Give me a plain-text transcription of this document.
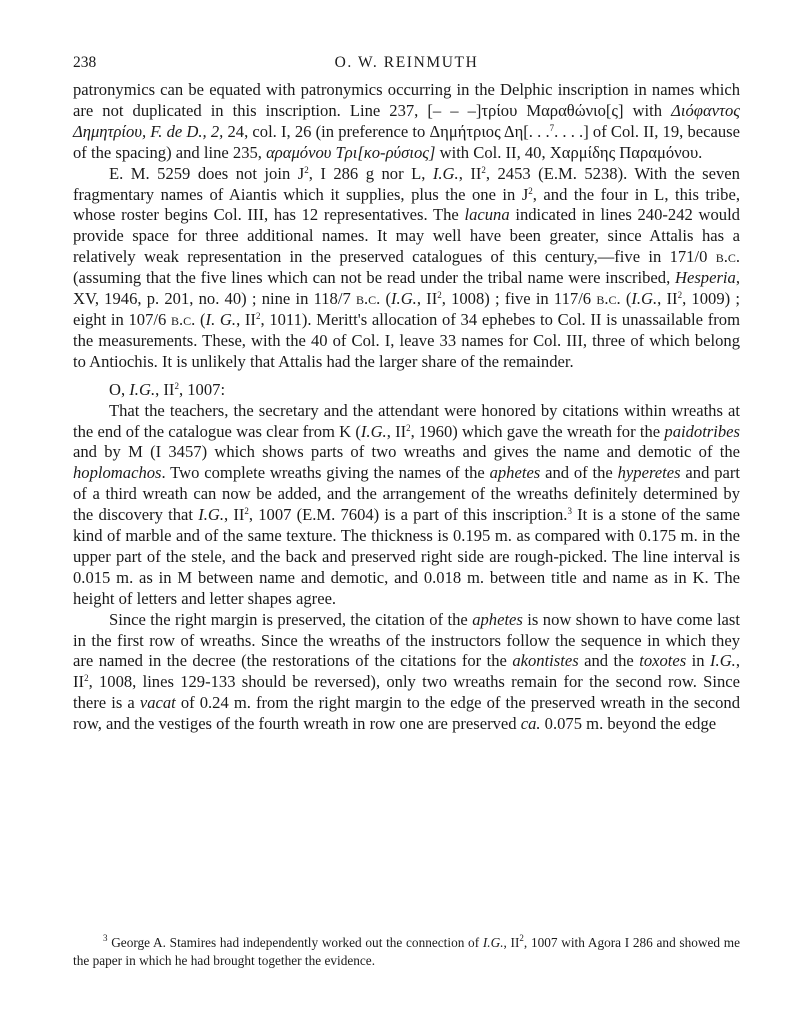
238	O. W. REINMUTH

patronymics can be equated with patronymics occurring in the Delphic inscription in names which are not duplicated in this inscription. Line 237, [– – –]τρίου Μαραθώνιο[ς] with Διόφαντος Δημητρίου, F. de D., 2, 24, col. I, 26 (in preference to Δημήτριος Δη[. . .$^7$. . . .] of Col. II, 19, because of the spacing) and line 235, αραμόνου Τρι[κο-ρύσιος] with Col. II, 40, Χαρμίδης Παραμόνου.

E. M. 5259 does not join $J^2$, I 286 g nor L, I.G., $II^2$, 2453 (E.M. 5238). With the seven fragmentary names of Aiantis which it supplies, plus the one in $J^2$, and the four in L, this tribe, whose roster begins Col. III, has 12 representatives. The lacuna indicated in lines 240-242 would provide space for three additional names. It may well have been greater, since Attalis has a relatively weak representation in the preserved catalogues of this century,—five in 171/0 b.c. (assuming that the five lines which can not be read under the tribal name were inscribed, Hesperia, XV, 1946, p. 201, no. 40) ; nine in 118/7 b.c. (I.G., $II^2$, 1008) ; five in 117/6 b.c. (I.G., $II^2$, 1009) ; eight in 107/6 b.c. (I. G., $II^2$, 1011). Meritt's allocation of 34 ephebes to Col. II is unassailable from the measurements. These, with the 40 of Col. I, leave 33 names for Col. III, three of which belong to Antiochis. It is unlikely that Attalis had the larger share of the remainder.

O, I.G., $II^2$, 1007:

That the teachers, the secretary and the attendant were honored by citations within wreaths at the end of the catalogue was clear from K (I.G., $II^2$, 1960) which gave the wreath for the paidotribes and by M (I 3457) which shows parts of two wreaths and gives the name and demotic of the hoplomachos. Two complete wreaths giving the names of the aphetes and of the hyperetes and part of a third wreath can now be added, and the arrangement of the wreaths definitely determined by the discovery that I.G., $II^2$, 1007 (E.M. 7604) is a part of this inscription.$^3$ It is a stone of the same kind of marble and of the same texture. The thickness is 0.195 m. as compared with 0.175 m. in the upper part of the stele, and the back and preserved right side are rough-picked. The line interval is 0.015 m. as in M between name and demotic, and 0.018 m. between title and name as in K. The height of letters and letter shapes agree.

Since the right margin is preserved, the citation of the aphetes is now shown to have come last in the first row of wreaths. Since the wreaths of the instructors follow the sequence in which they are named in the decree (the restorations of the citations for the akontistes and the toxotes in I.G., $II^2$, 1008, lines 129-133 should be reversed), only two wreaths remain for the second row. Since there is a vacat of 0.24 m. from the right margin to the edge of the preserved wreath in the second row, and the vestiges of the fourth wreath in row one are preserved ca. 0.075 m. beyond the edge

$^3$ George A. Stamires had independently worked out the connection of I.G., $II^2$, 1007 with Agora I 286 and showed me the paper in which he had brought together the evidence.
